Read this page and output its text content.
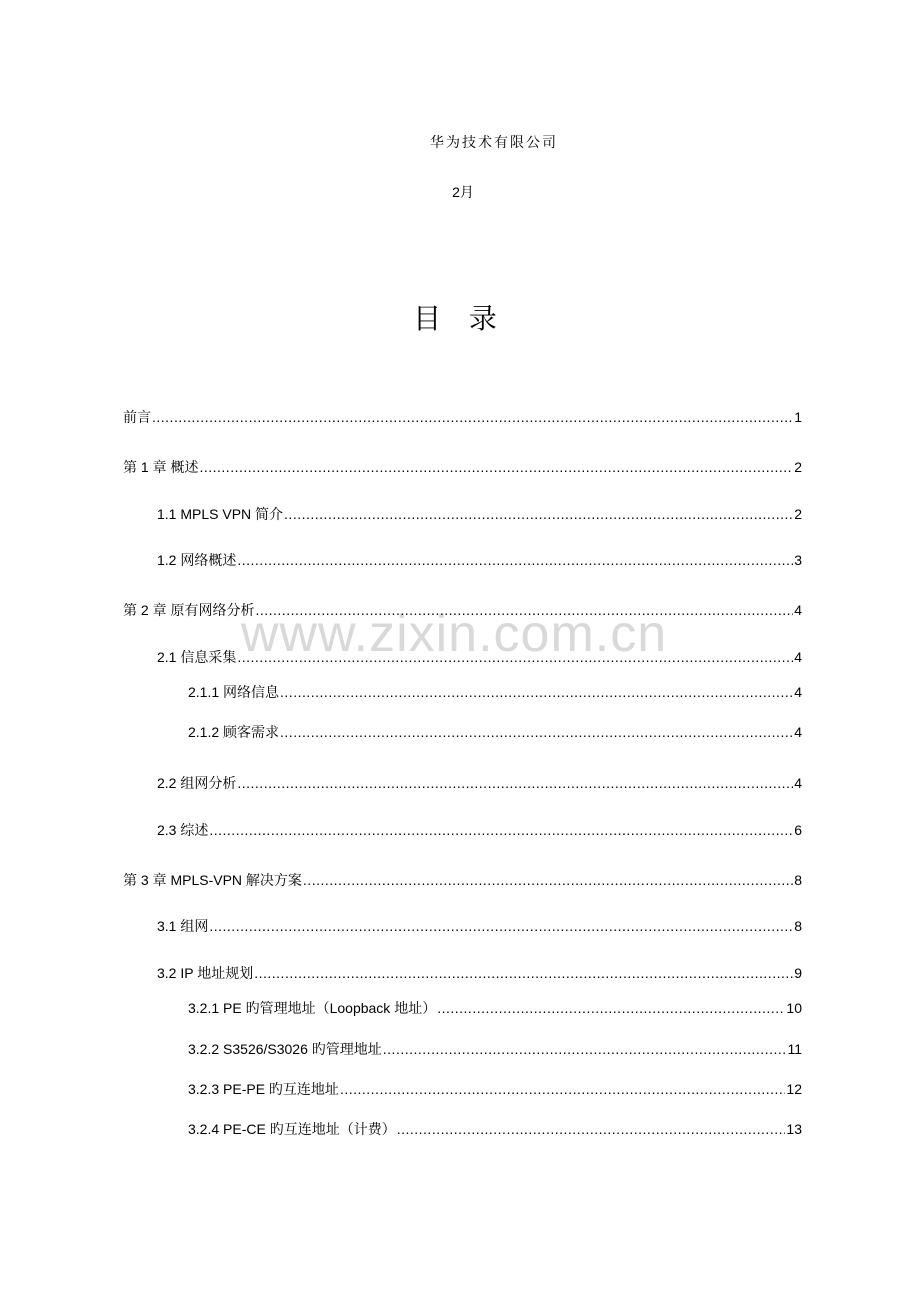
华为技术有限公司
2月
目 录
www.zixin.com.cn
前言 .....	1
第 1 章 概述 .....	2
1.1 MPLS VPN 简介 .....	2
1.2 网络概述 .....	3
第 2 章 原有网络分析 .....	4
2.1 信息采集 .....	4
2.1.1 网络信息 .....	4
2.1.2 顾客需求 .....	4
2.2 组网分析 .....	4
2.3 综述 .....	6
第 3 章 MPLS-VPN 解决方案 .....	8
3.1 组网 .....	8
3.2 IP 地址规划 .....	9
3.2.1 PE 旳管理地址（Loopback 地址） .....	10
3.2.2 S3526/S3026 旳管理地址 .....	11
3.2.3 PE-PE 旳互连地址 .....	12
3.2.4 PE-CE 旳互连地址（计费） .....	13
